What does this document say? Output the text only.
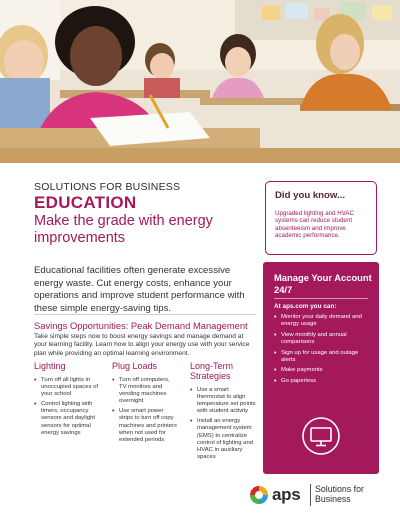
SOLUTIONS FOR BUSINESS
EDUCATION
Make the grade with energy improvements
Educational facilities often generate excessive energy waste. Cut energy costs, enhance your operations and improve student performance with these simple energy-saving tips.
Savings Opportunities: Peak Demand Management
Take simple steps now to boost energy savings and manage demand at your learning facility. Learn how to align your energy use with your service plan while providing an optimal learning environment.
Lighting
• Turn off all lights in unoccupied spaces of your school
• Control lighting with timers, occupancy sensors and daylight sensors for optimal energy savings
Plug Loads
• Turn off computers, TV monitors and vending machines overnight
• Use smart power strips to turn off copy machines and printers when not used for extended periods
Long-Term Strategies
• Use a smart thermostat to align temperature set points with student activity
• Install an energy management system (EMS) to centralize control of lighting and HVAC in auxiliary spaces
Did you know...
Upgraded lighting and HVAC systems can reduce student absenteeism and improve academic performance.
Manage Your Account 24/7
At aps.com you can:
• Monitor your daily demand and energy usage
• View monthly and annual comparisons
• Sign up for usage and outage alerts
• Make payments
• Go paperless
aps Solutions for Business
